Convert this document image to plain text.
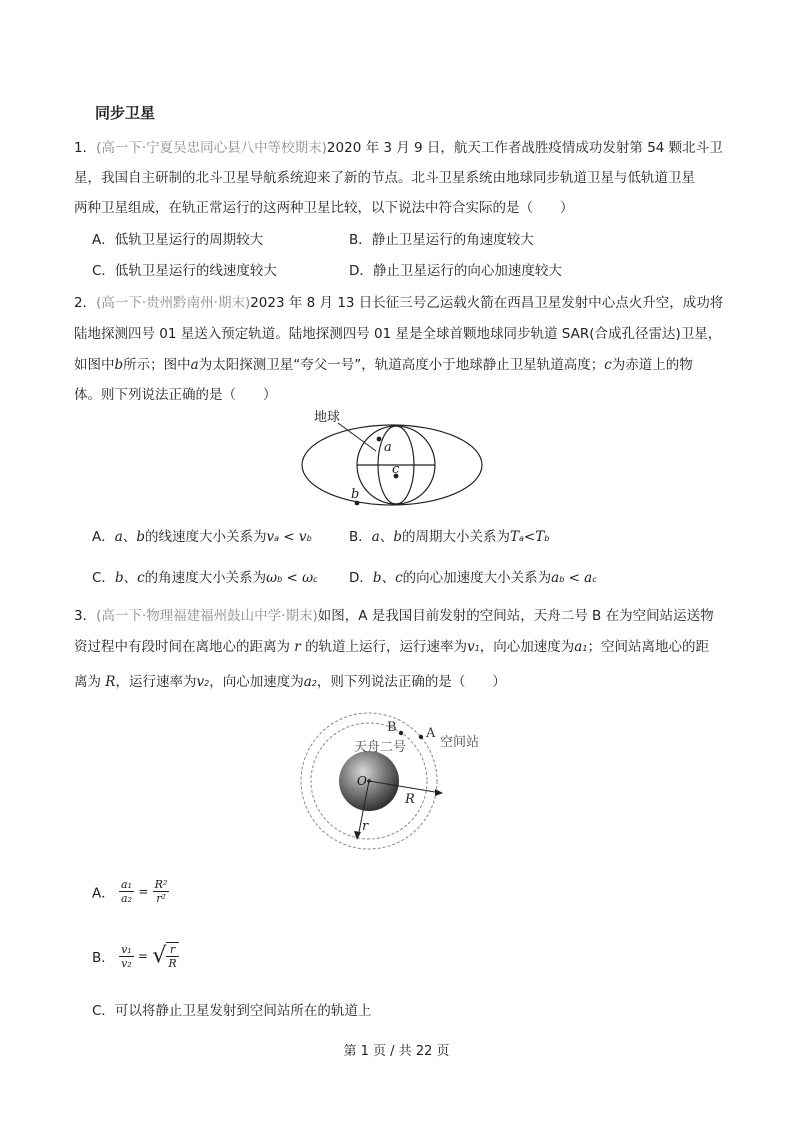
同步卫星
1．(高一下·宁夏吴忠同心县八中等校期末)2020 年 3 月 9 日，航天工作者战胜疫情成功发射第 54 颗北斗卫
星，我国自主研制的北斗卫星导航系统迎来了新的节点。北斗卫星系统由地球同步轨道卫星与低轨道卫星
两种卫星组成，在轨正常运行的这两种卫星比较，以下说法中符合实际的是（　　）
A．低轨卫星运行的周期较大	B．静止卫星运行的角速度较大
C．低轨卫星运行的线速度较大	D．静止卫星运行的向心加速度较大
2．(高一下·贵州黔南州·期末)2023 年 8 月 13 日长征三号乙运载火箭在西昌卫星发射中心点火升空，成功将
陆地探测四号 01 星送入预定轨道。陆地探测四号 01 星是全球首颗地球同步轨道 SAR(合成孔径雷达)卫星，
如图中b所示；图中a为太阳探测卫星“夸父一号”，轨道高度小于地球静止卫星轨道高度；c为赤道上的物
体。则下列说法正确的是（　　）
地球
a
c
b
A．a、b的线速度大小关系为va < vb	B．a、b的周期大小关系为Ta<Tb
C．b、c的角速度大小关系为ωb < ωc D．b、c的向心加速度大小关系为ab < ac
3．(高一下·物理福建福州鼓山中学·期末)如图，A 是我国目前发射的空间站，天舟二号 B 在为空间站运送物
资过程中有段时间在离地心的距离为 r 的轨道上运行，运行速率为v1，向心加速度为a1；空间站离地心的距
离为 R，运行速率为v2，向心加速度为a2，则下列说法正确的是（　　）
B A
空间站
天舟二号
O
R
r
A． $\frac{\text{a₁}}{\text{a₂}} = \frac{\text{R²}}{\text{r²}}$
B． $\frac{\text{v₁}}{\text{v₂}}$ = √ $\frac{r}{R}$
C．可以将静止卫星发射到空间站所在的轨道上
第 1 页 / 共 22 页
